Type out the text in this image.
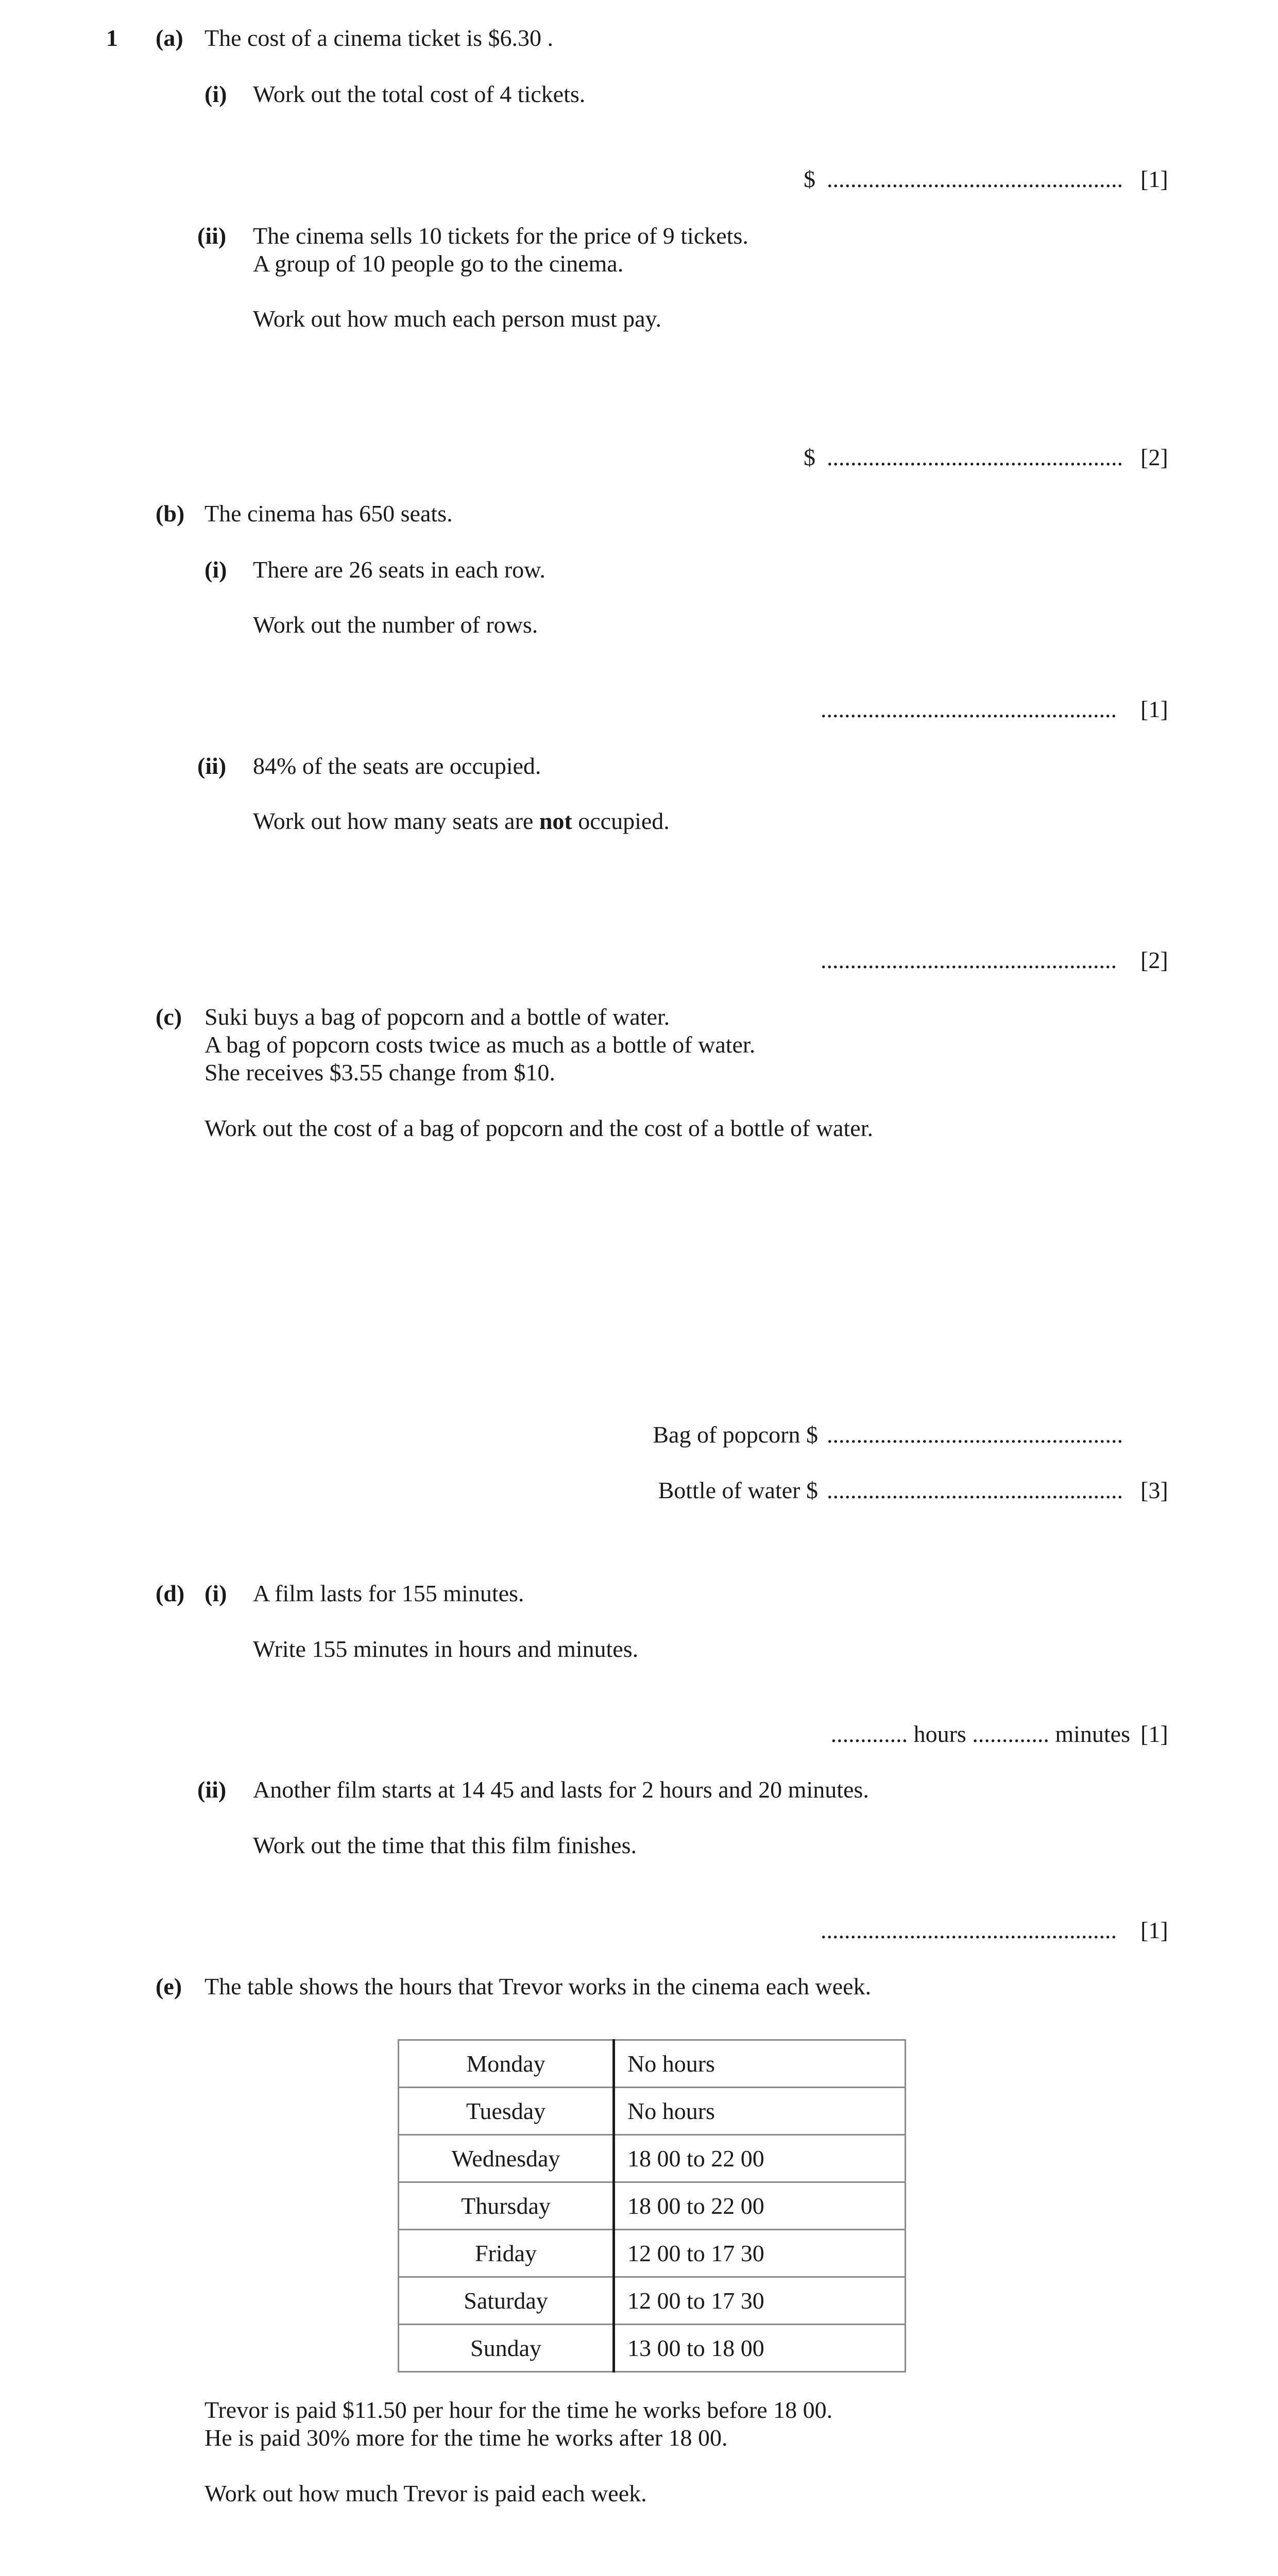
1 (a) The cost of a cinema ticket is $6.30 .
(i) Work out the total cost of 4 tickets.
$ .................................................. [1]
(ii) The cinema sells 10 tickets for the price of 9 tickets.
A group of 10 people go to the cinema.
Work out how much each person must pay.
$ .................................................. [2]
(b) The cinema has 650 seats.
(i) There are 26 seats in each row.
Work out the number of rows.
.................................................. [1]
(ii) 84% of the seats are occupied.
Work out how many seats are not occupied.
.................................................. [2]
(c) Suki buys a bag of popcorn and a bottle of water.
A bag of popcorn costs twice as much as a bottle of water.
She receives $3.55 change from $10.
Work out the cost of a bag of popcorn and the cost of a bottle of water.
Bag of popcorn $ ..................................................
Bottle of water $ .................................................. [3]
(d) (i) A film lasts for 155 minutes.
Write 155 minutes in hours and minutes.
............. hours ............. minutes [1]
(ii) Another film starts at 14 45 and lasts for 2 hours and 20 minutes.
Work out the time that this film finishes.
.................................................. [1]
(e) The table shows the hours that Trevor works in the cinema each week.
Monday	No hours
Tuesday	No hours
Wednesday	18 00 to 22 00
Thursday	18 00 to 22 00
Friday	12 00 to 17 30
Saturday	12 00 to 17 30
Sunday	13 00 to 18 00
Trevor is paid $11.50 per hour for the time he works before 18 00.
He is paid 30% more for the time he works after 18 00.
Work out how much Trevor is paid each week.
